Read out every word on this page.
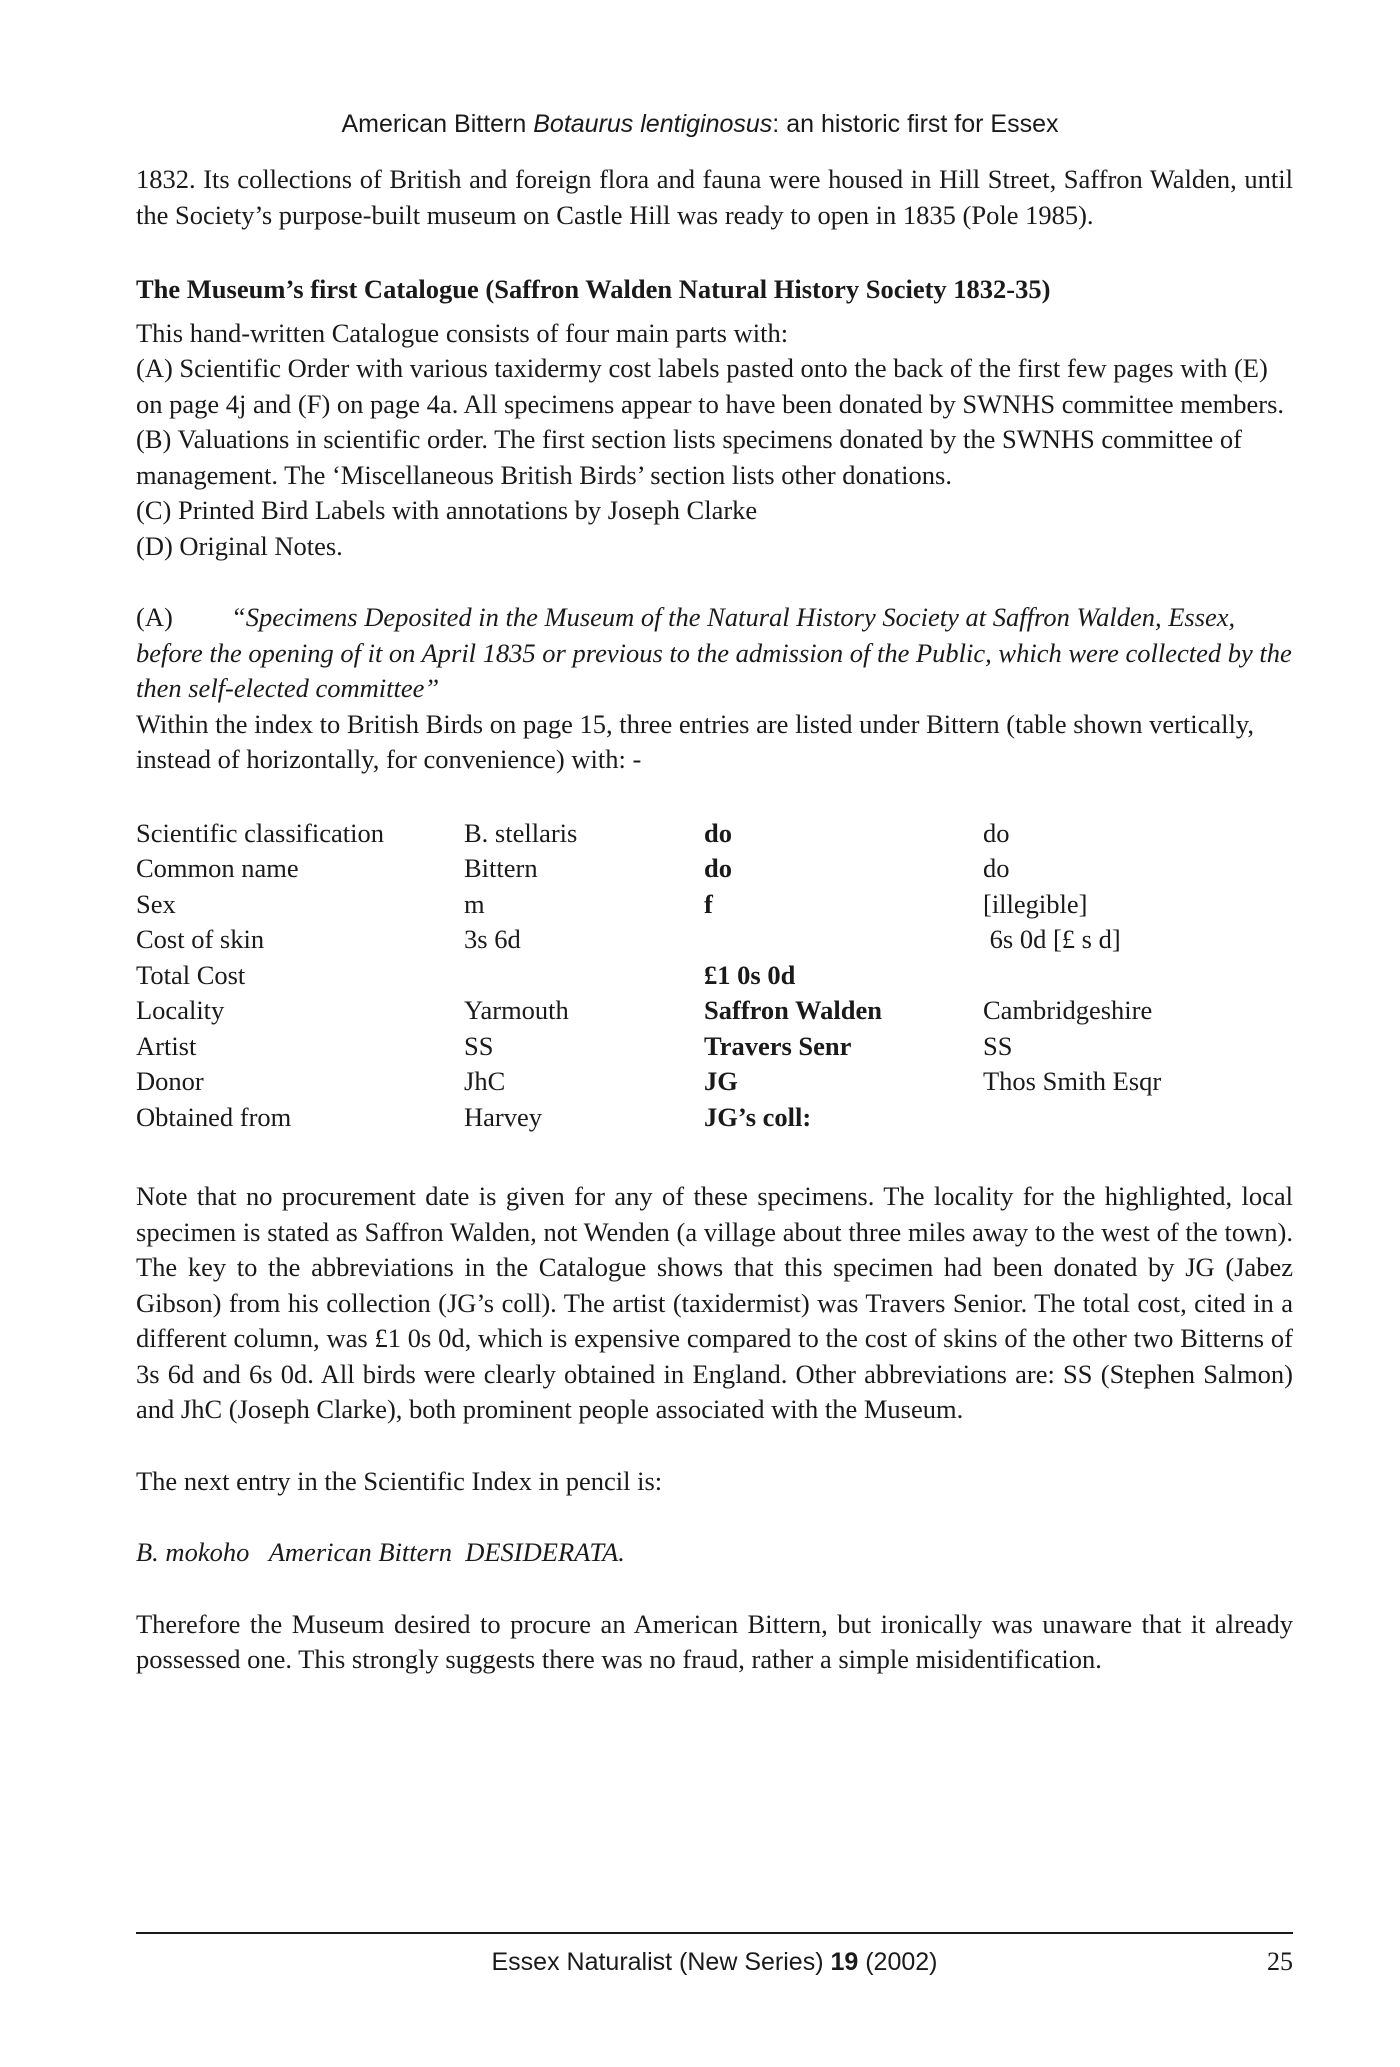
American Bittern Botaurus lentiginosus: an historic first for Essex

1832. Its collections of British and foreign flora and fauna were housed in Hill Street, Saffron Walden, until the Society’s purpose-built museum on Castle Hill was ready to open in 1835 (Pole 1985).

The Museum’s first Catalogue (Saffron Walden Natural History Society 1832-35)

This hand-written Catalogue consists of four main parts with:

(A) Scientific Order with various taxidermy cost labels pasted onto the back of the first few pages with (E) on page 4j and (F) on page 4a. All specimens appear to have been donated by SWNHS committee members.

(B) Valuations in scientific order. The first section lists specimens donated by the SWNHS committee of management. The ‘Miscellaneous British Birds’ section lists other donations.

(C) Printed Bird Labels with annotations by Joseph Clarke

(D) Original Notes.

(A) “Specimens Deposited in the Museum of the Natural History Society at Saffron Walden, Essex, before the opening of it on April 1835 or previous to the admission of the Public, which were collected by the then self-elected committee”

Within the index to British Birds on page 15, three entries are listed under Bittern (table shown vertically, instead of horizontally, for convenience) with: -

Scientific classification	B. stellaris	do	do
Common name	Bittern	do	do
Sex	m	f	[illegible]
Cost of skin	3s 6d		6s 0d [£ s d]
Total Cost		£1 0s 0d	
Locality	Yarmouth	Saffron Walden	Cambridgeshire
Artist	SS	Travers Senr	SS
Donor	JhC	JG	Thos Smith Esqr
Obtained from	Harvey	JG’s coll:	

Note that no procurement date is given for any of these specimens. The locality for the highlighted, local specimen is stated as Saffron Walden, not Wenden (a village about three miles away to the west of the town). The key to the abbreviations in the Catalogue shows that this specimen had been donated by JG (Jabez Gibson) from his collection (JG’s coll). The artist (taxidermist) was Travers Senior. The total cost, cited in a different column, was £1 0s 0d, which is expensive compared to the cost of skins of the other two Bitterns of 3s 6d and 6s 0d. All birds were clearly obtained in England. Other abbreviations are: SS (Stephen Salmon) and JhC (Joseph Clarke), both prominent people associated with the Museum.

The next entry in the Scientific Index in pencil is:

B. mokoho   American Bittern  DESIDERATA.

Therefore the Museum desired to procure an American Bittern, but ironically was unaware that it already possessed one. This strongly suggests there was no fraud, rather a simple misidentification.

Essex Naturalist (New Series) 19 (2002)	25
